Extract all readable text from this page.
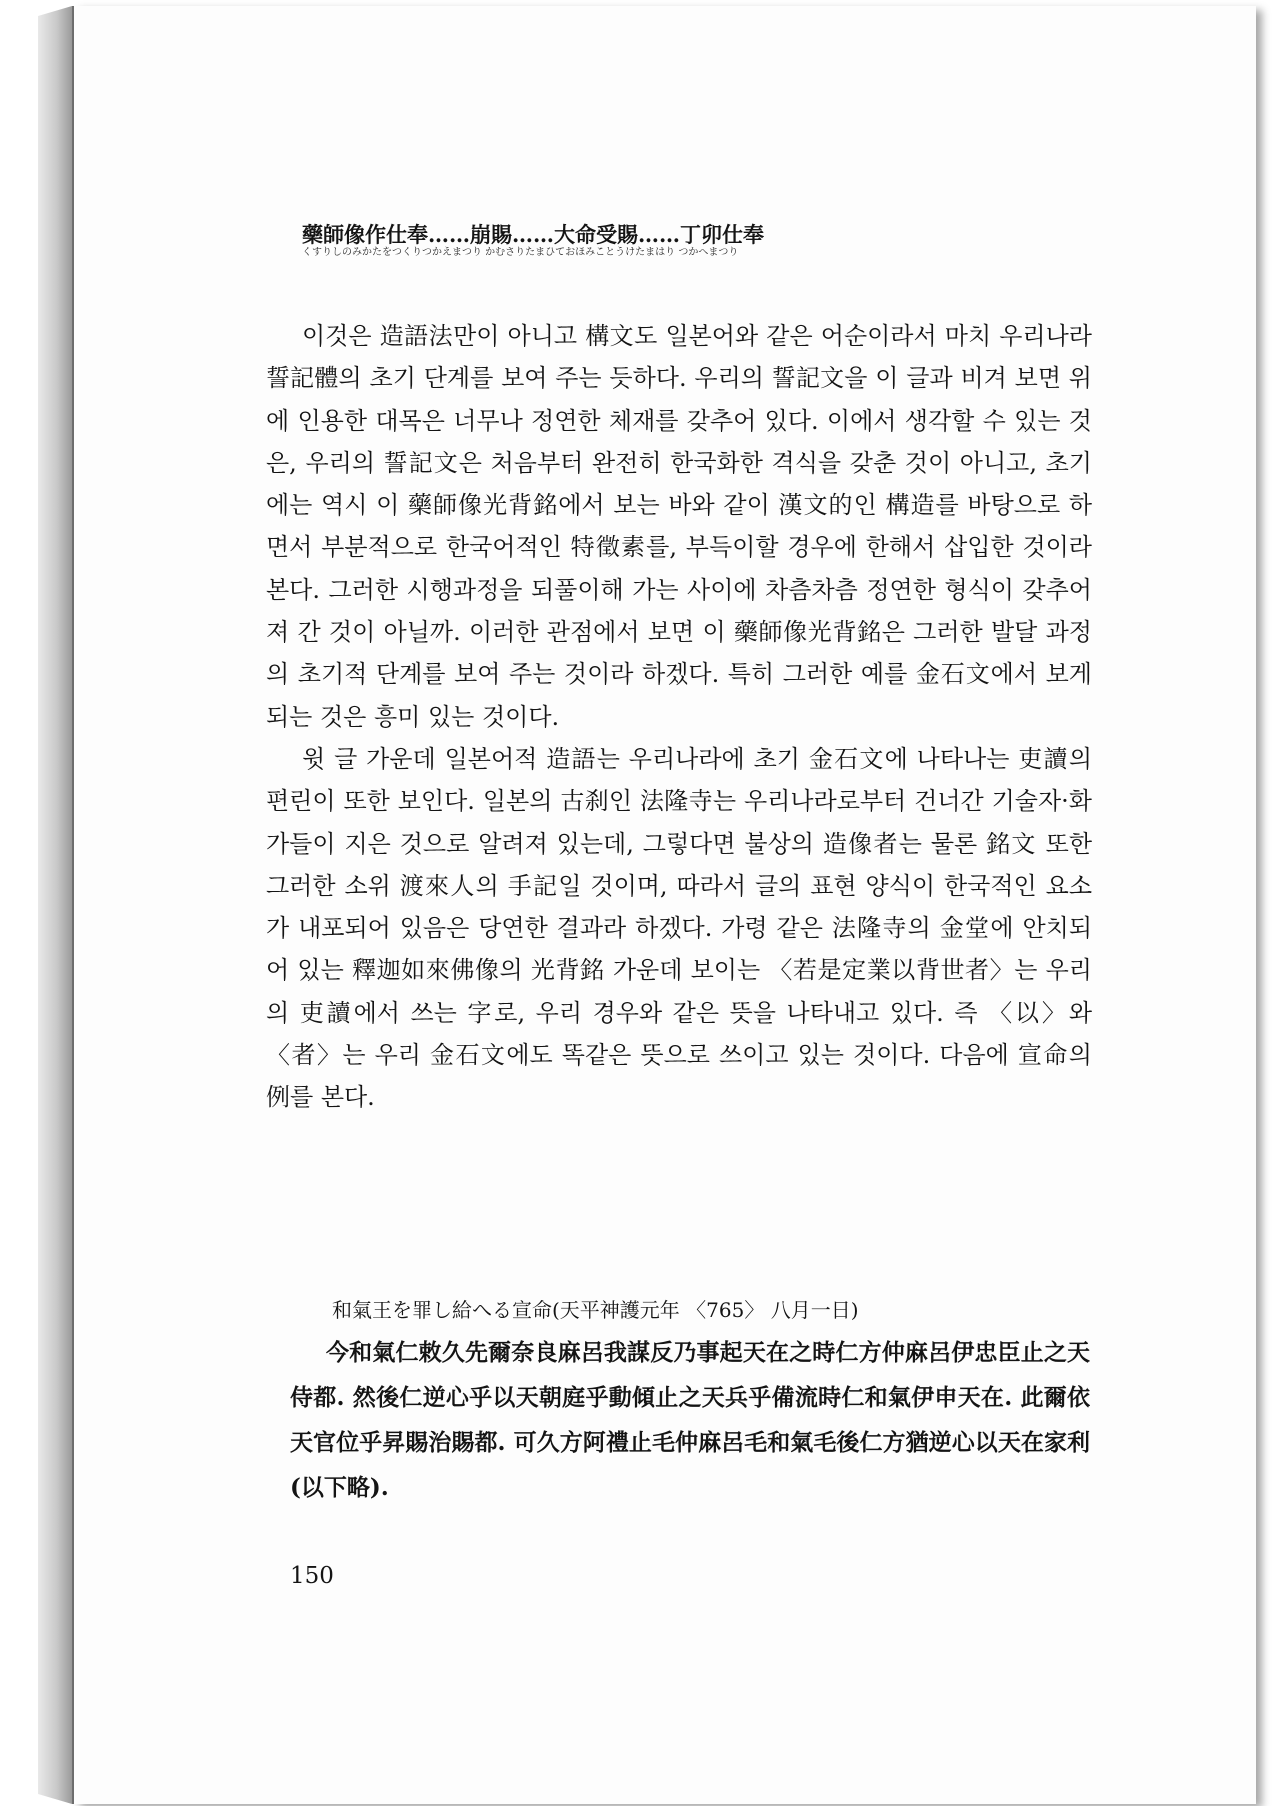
藥師像作仕奉……崩賜……大命受賜……丁卯仕奉
くすりしのみかたをつくりつかえまつり かむさりたまひておほみことうけたまはり つかへまつり

이것은 造語法만이 아니고 構文도 일본어와 같은 어순이라서 마치 우리나라 誓記體의 초기 단계를 보여 주는 듯하다. 우리의 誓記文을 이 글과 비겨 보면 위에 인용한 대목은 너무나 정연한 체재를 갖추어 있다. 이에서 생각할 수 있는 것은, 우리의 誓記文은 처음부터 완전히 한국화한 격식을 갖춘 것이 아니고, 초기에는 역시 이 藥師像光背銘에서 보는 바와 같이 漢文的인 構造를 바탕으로 하면서 부분적으로 한국어적인 特徵素를, 부득이할 경우에 한해서 삽입한 것이라 본다. 그러한 시행과정을 되풀이해 가는 사이에 차츰차츰 정연한 형식이 갖추어져 간 것이 아닐까. 이러한 관점에서 보면 이 藥師像光背銘은 그러한 발달 과정의 초기적 단계를 보여 주는 것이라 하겠다. 특히 그러한 예를 金石文에서 보게 되는 것은 흥미 있는 것이다.

윗 글 가운데 일본어적 造語는 우리나라에 초기 金石文에 나타나는 吏讀의 편린이 또한 보인다. 일본의 古刹인 法隆寺는 우리나라로부터 건너간 기술자·화가들이 지은 것으로 알려져 있는데, 그렇다면 불상의 造像者는 물론 銘文 또한 그러한 소위 渡來人의 手記일 것이며, 따라서 글의 표현 양식이 한국적인 요소가 내포되어 있음은 당연한 결과라 하겠다. 가령 같은 法隆寺의 金堂에 안치되어 있는 釋迦如來佛像의 光背銘 가운데 보이는 〈若是定業以背世者〉는 우리의 吏讀에서 쓰는 字로, 우리 경우와 같은 뜻을 나타내고 있다. 즉 〈以〉와 〈者〉는 우리 金石文에도 똑같은 뜻으로 쓰이고 있는 것이다. 다음에 宣命의 例를 본다.

和氣王を罪し給へる宣命(天平神護元年 〈765〉 八月一日)

今和氣仁敕久先爾奈良麻呂我謀反乃事起天在之時仁方仲麻呂伊忠臣止之天侍都. 然後仁逆心乎以天朝庭乎動傾止之天兵乎備流時仁和氣伊申天在. 此爾依天官位乎昇賜治賜都. 可久方阿禮止毛仲麻呂毛和氣毛後仁方猶逆心以天在家利(以下略).

150
